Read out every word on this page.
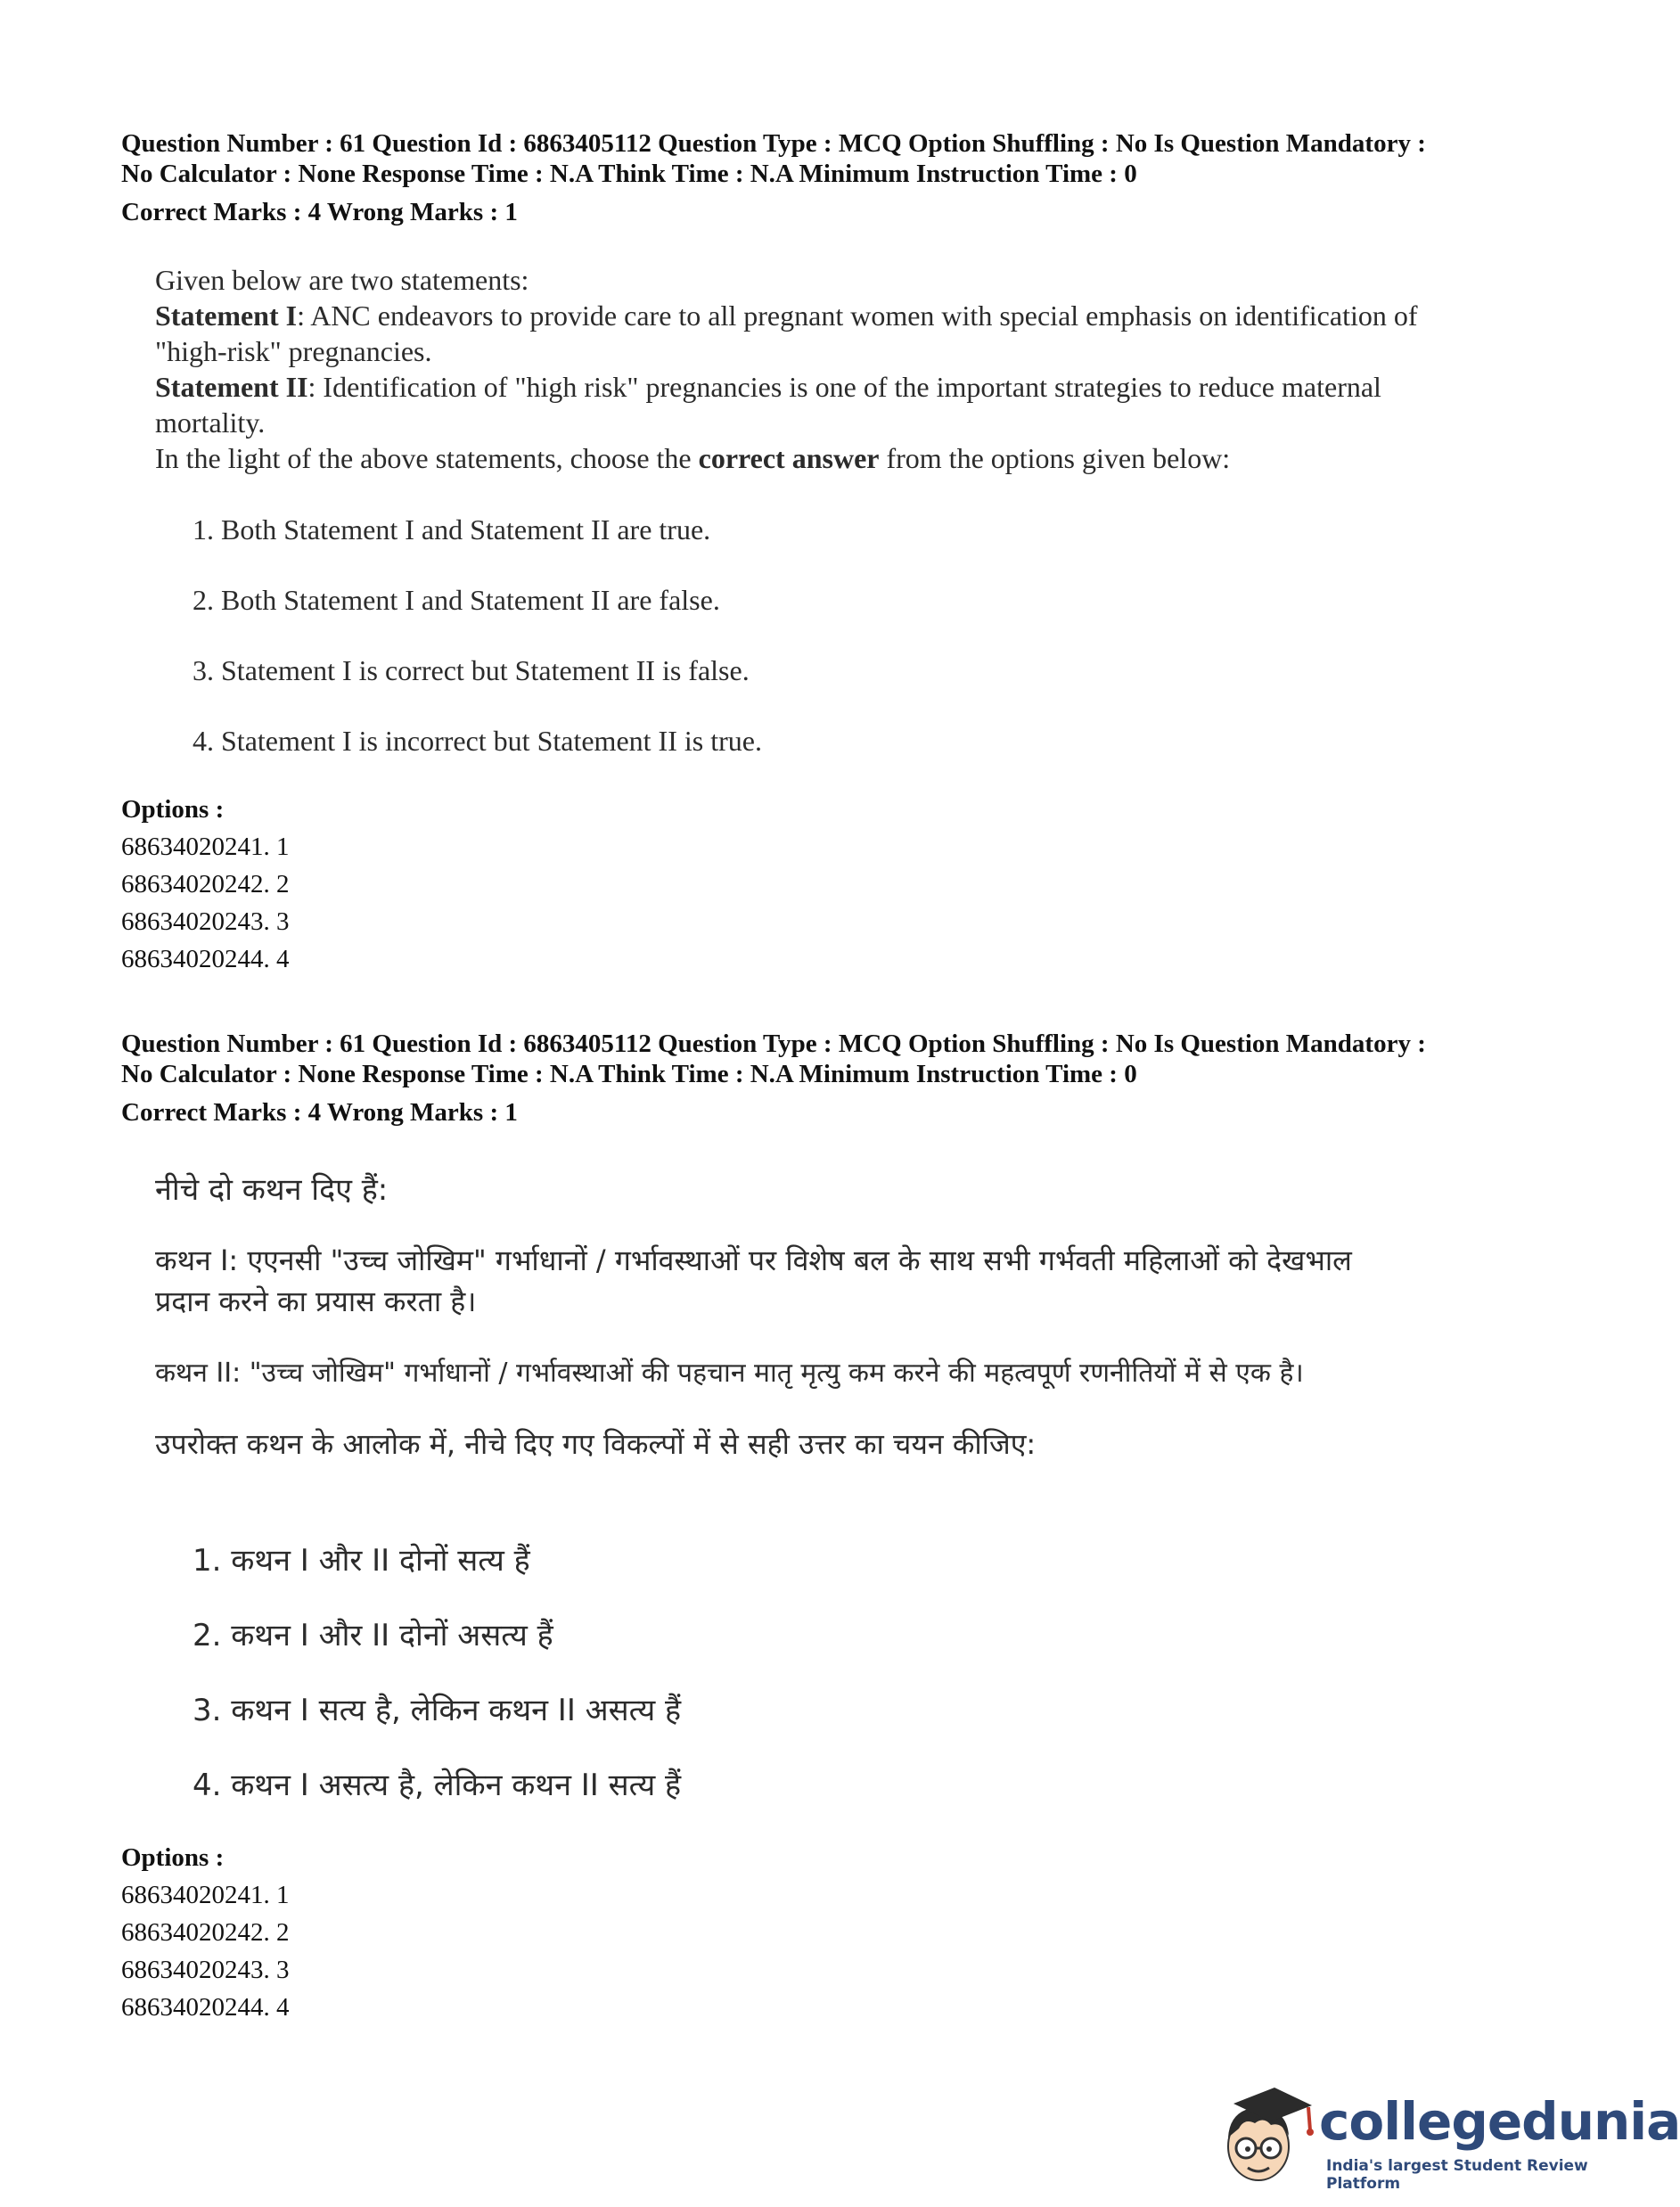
Question Number : 61 Question Id : 6863405112 Question Type : MCQ Option Shuffling : No Is Question Mandatory :
No Calculator : None Response Time : N.A Think Time : N.A Minimum Instruction Time : 0
Correct Marks : 4 Wrong Marks : 1

Given below are two statements:

Statement I: ANC endeavors to provide care to all pregnant women with special emphasis on identification of

"high-risk" pregnancies.

Statement II: Identification of "high risk" pregnancies is one of the important strategies to reduce maternal

mortality.

In the light of the above statements, choose the correct answer from the options given below:

1. Both Statement I and Statement II are true.
2. Both Statement I and Statement II are false.
3. Statement I is correct but Statement II is false.
4. Statement I is incorrect but Statement II is true.
Options :
68634020241. 1
68634020242. 2
68634020243. 3
68634020244. 4
Question Number : 61 Question Id : 6863405112 Question Type : MCQ Option Shuffling : No Is Question Mandatory :
No Calculator : None Response Time : N.A Think Time : N.A Minimum Instruction Time : 0
Correct Marks : 4 Wrong Marks : 1
नीचे दो कथन दिए हैं:
कथन I: एएनसी "उच्च जोखिम" गर्भाधानों / गर्भावस्थाओं पर विशेष बल के साथ सभी गर्भवती महिलाओं को देखभाल
प्रदान करने का प्रयास करता है।
कथन II: "उच्च जोखिम" गर्भाधानों / गर्भावस्थाओं की पहचान मातृ मृत्यु कम करने की महत्वपूर्ण रणनीतियों में से एक है।
उपरोक्त कथन के आलोक में, नीचे दिए गए विकल्पों में से सही उत्तर का चयन कीजिए:
1. कथन I और II दोनों सत्य हैं
2. कथन I और II दोनों असत्य हैं
3. कथन I सत्य है, लेकिन कथन II असत्य हैं
4. कथन I असत्य है, लेकिन कथन II सत्य हैं
Options :
68634020241. 1
68634020242. 2
68634020243. 3
68634020244. 4
collegedunia
India's largest Student Review Platform
